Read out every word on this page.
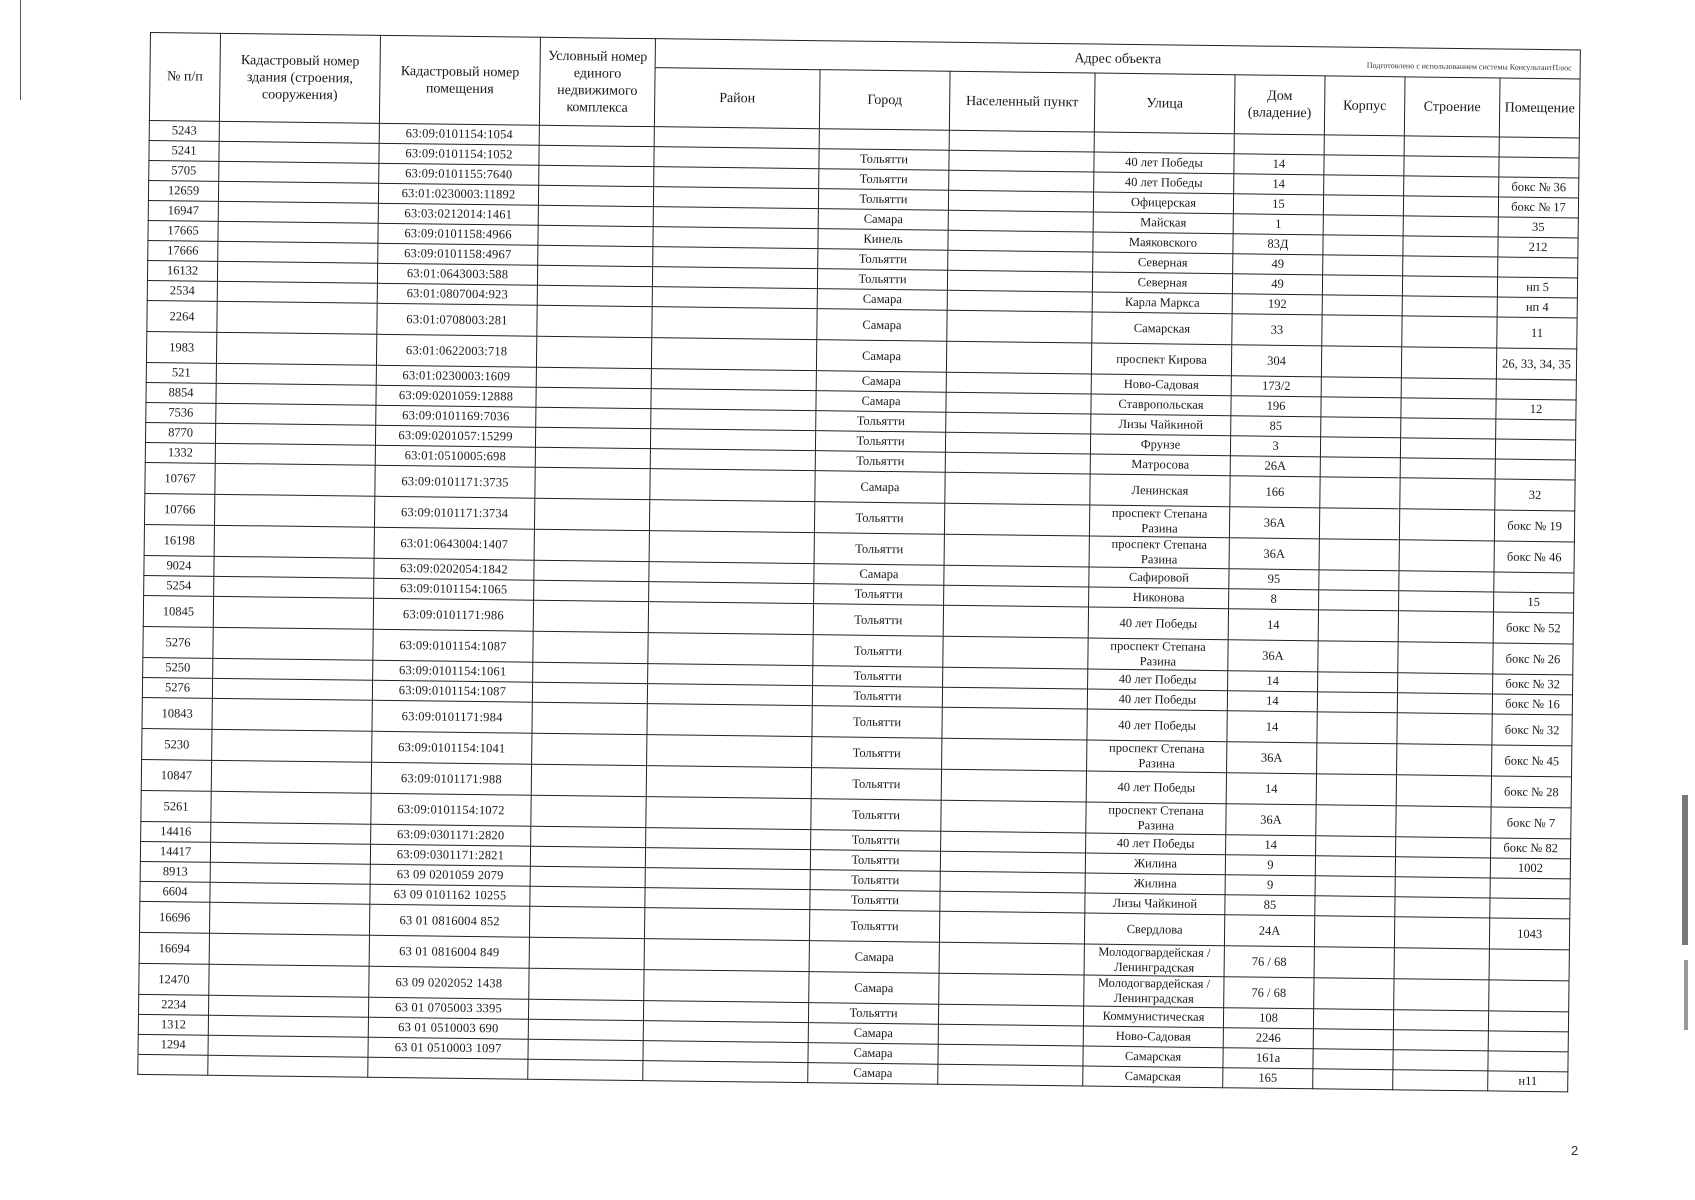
Подготовлено с использованием системы КонсультантПлюс
№ п/п	Кадастровый номер здания (строения, сооружения)	Кадастровый номер помещения	Условный номер единого недвижимого комплекса	Адрес объекта							
				Район	Город	Населенный пункт	Улица	Дом (владение)	Корпус	Строение	Помещение
5243		63:09:0101154:1054									
5241		63:09:0101154:1052			Тольятти		40 лет Победы	14			
5705		63:09:0101155:7640			Тольятти		40 лет Победы	14			бокс № 36
12659		63:01:0230003:11892			Тольятти		Офицерская	15			бокс № 17
16947		63:03:0212014:1461			Самара		Майская	1			35
17665		63:09:0101158:4966			Кинель		Маяковского	83Д			212
17666		63:09:0101158:4967			Тольятти		Северная	49			
16132		63:01:0643003:588			Тольятти		Северная	49			нп 5
2534		63:01:0807004:923			Самара		Карла Маркса	192			нп 4
2264		63:01:0708003:281			Самара		Самарская	33			11
1983		63:01:0622003:718			Самара		проспект Кирова	304			26, 33, 34, 35
521		63:01:0230003:1609			Самара		Ново-Садовая	173/2			
8854		63:09:0201059:12888			Самара		Ставропольская	196			12
7536		63:09:0101169:7036			Тольятти		Лизы Чайкиной	85			
8770		63:09:0201057:15299			Тольятти		Фрунзе	3			
1332		63:01:0510005:698			Тольятти		Матросова	26А			
10767		63:09:0101171:3735			Самара		Ленинская	166			32
10766		63:09:0101171:3734			Тольятти		проспект Степана Разина	36А			бокс № 19
16198		63:01:0643004:1407			Тольятти		проспект Степана Разина	36А			бокс № 46
9024		63:09:0202054:1842			Самара		Сафировой	95			
5254		63:09:0101154:1065			Тольятти		Никонова	8			15
10845		63:09:0101171:986			Тольятти		40 лет Победы	14			бокс № 52
5276		63:09:0101154:1087			Тольятти		проспект Степана Разина	36А			бокс № 26
5250		63:09:0101154:1061			Тольятти		40 лет Победы	14			бокс № 32
5276		63:09:0101154:1087			Тольятти		40 лет Победы	14			бокс № 16
10843		63:09:0101171:984			Тольятти		40 лет Победы	14			бокс № 32
5230		63:09:0101154:1041			Тольятти		проспект Степана Разина	36А			бокс № 45
10847		63:09:0101171:988			Тольятти		40 лет Победы	14			бокс № 28
5261		63:09:0101154:1072			Тольятти		проспект Степана Разина	36А			бокс № 7
14416		63:09:0301171:2820			Тольятти		40 лет Победы	14			бокс № 82
14417		63:09:0301171:2821			Тольятти		Жилина	9			1002
8913		63 09 0201059 2079			Тольятти		Жилина	9			
6604		63 09 0101162 10255			Тольятти		Лизы Чайкиной	85			
16696		63 01 0816004 852			Тольятти		Свердлова	24А			1043
16694		63 01 0816004 849			Самара		Молодогвардейская / Ленинградская	76 / 68			
12470		63 09 0202052 1438			Самара		Молодогвардейская / Ленинградская	76 / 68			
2234		63 01 0705003 3395			Тольятти		Коммунистическая	108			
1312		63 01 0510003 690			Самара		Ново-Садовая	2246			
1294		63 01 0510003 1097			Самара		Самарская	161а			
					Самара		Самарская	165			н11
2
